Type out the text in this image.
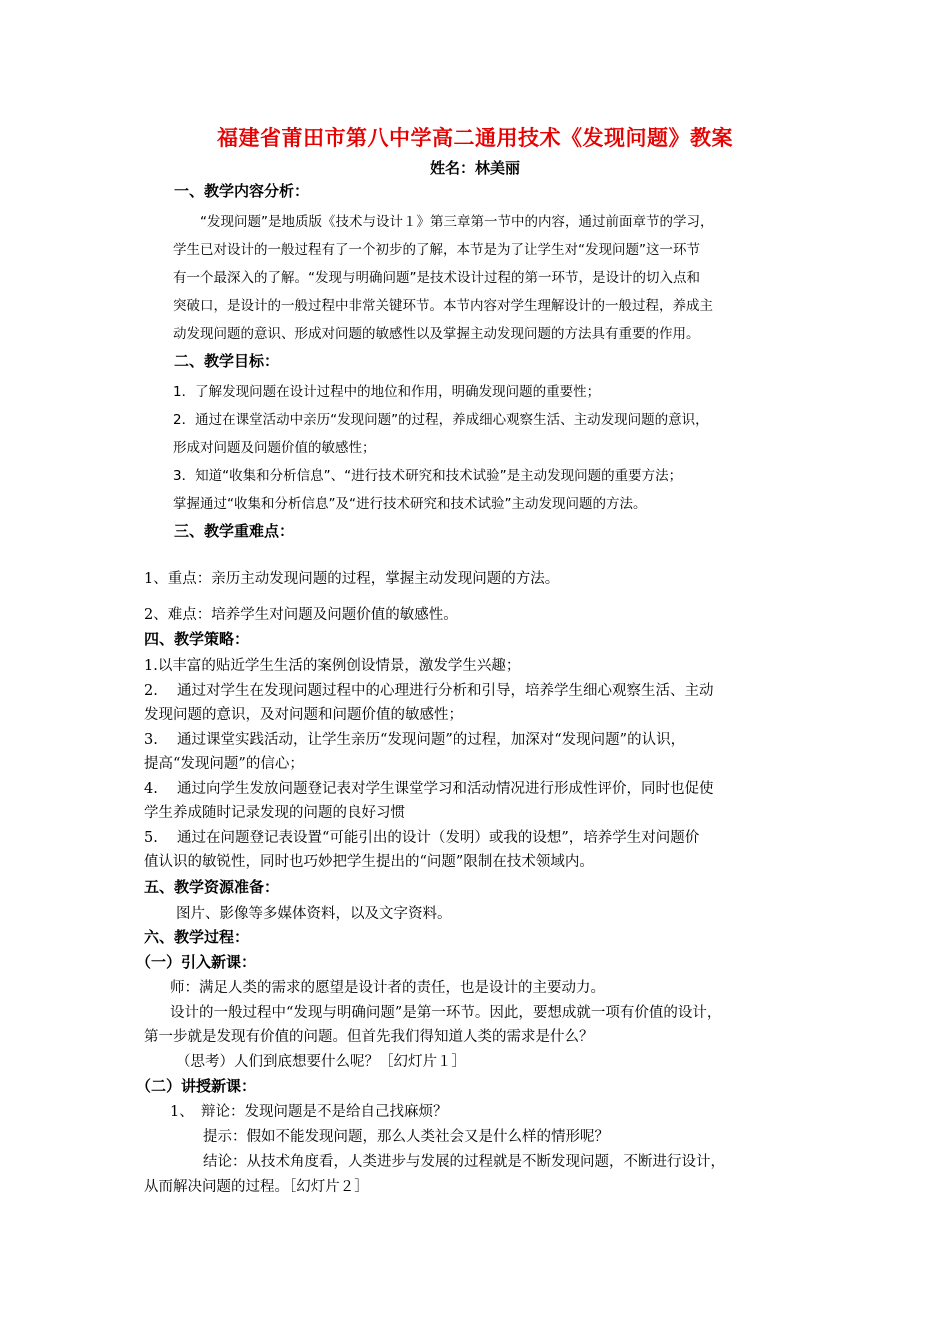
福建省莆田市第八中学高二通用技术《发现问题》教案
姓名：林美丽
一、教学内容分析：
“发现问题”是地质版《技术与设计１》第三章第一节中的内容，通过前面章节的学习，
学生已对设计的一般过程有了一个初步的了解，本节是为了让学生对“发现问题”这一环节
有一个最深入的了解。“发现与明确问题”是技术设计过程的第一环节，是设计的切入点和
突破口，是设计的一般过程中非常关键环节。本节内容对学生理解设计的一般过程，养成主
动发现问题的意识、形成对问题的敏感性以及掌握主动发现问题的方法具有重要的作用。
二、教学目标：
1．了解发现问题在设计过程中的地位和作用，明确发现问题的重要性；
2．通过在课堂活动中亲历“发现问题”的过程，养成细心观察生活、主动发现问题的意识，
形成对问题及问题价值的敏感性；
3．知道“收集和分析信息”、“进行技术研究和技术试验”是主动发现问题的重要方法；
掌握通过“收集和分析信息”及“进行技术研究和技术试验”主动发现问题的方法。
三、教学重难点：
1、重点：亲历主动发现问题的过程，掌握主动发现问题的方法。
2、难点：培养学生对问题及问题价值的敏感性。
四、教学策略：
1.以丰富的贴近学生生活的案例创设情景，激发学生兴趣；
2.　 通过对学生在发现问题过程中的心理进行分析和引导，培养学生细心观察生活、主动
发现问题的意识，及对问题和问题价值的敏感性；
3.　 通过课堂实践活动，让学生亲历“发现问题”的过程，加深对“发现问题”的认识，
提高“发现问题”的信心；
4.　 通过向学生发放问题登记表对学生课堂学习和活动情况进行形成性评价，同时也促使
学生养成随时记录发现的问题的良好习惯
5.　 通过在问题登记表设置“可能引出的设计（发明）或我的设想”，培养学生对问题价
值认识的敏锐性，同时也巧妙把学生提出的“问题”限制在技术领域内。
五、教学资源准备：
图片、影像等多媒体资料，以及文字资料。
六、教学过程：
（一）引入新课：
师：满足人类的需求的愿望是设计者的责任，也是设计的主要动力。
设计的一般过程中“发现与明确问题”是第一环节。因此，要想成就一项有价值的设计，
第一步就是发现有价值的问题。但首先我们得知道人类的需求是什么？
（思考）人们到底想要什么呢？［幻灯片１］
（二）讲授新课：
1、　辩论：发现问题是不是给自己找麻烦？
提示：假如不能发现问题，那么人类社会又是什么样的情形呢？
结论：从技术角度看，人类进步与发展的过程就是不断发现问题，不断进行设计，
从而解决问题的过程。［幻灯片２］
